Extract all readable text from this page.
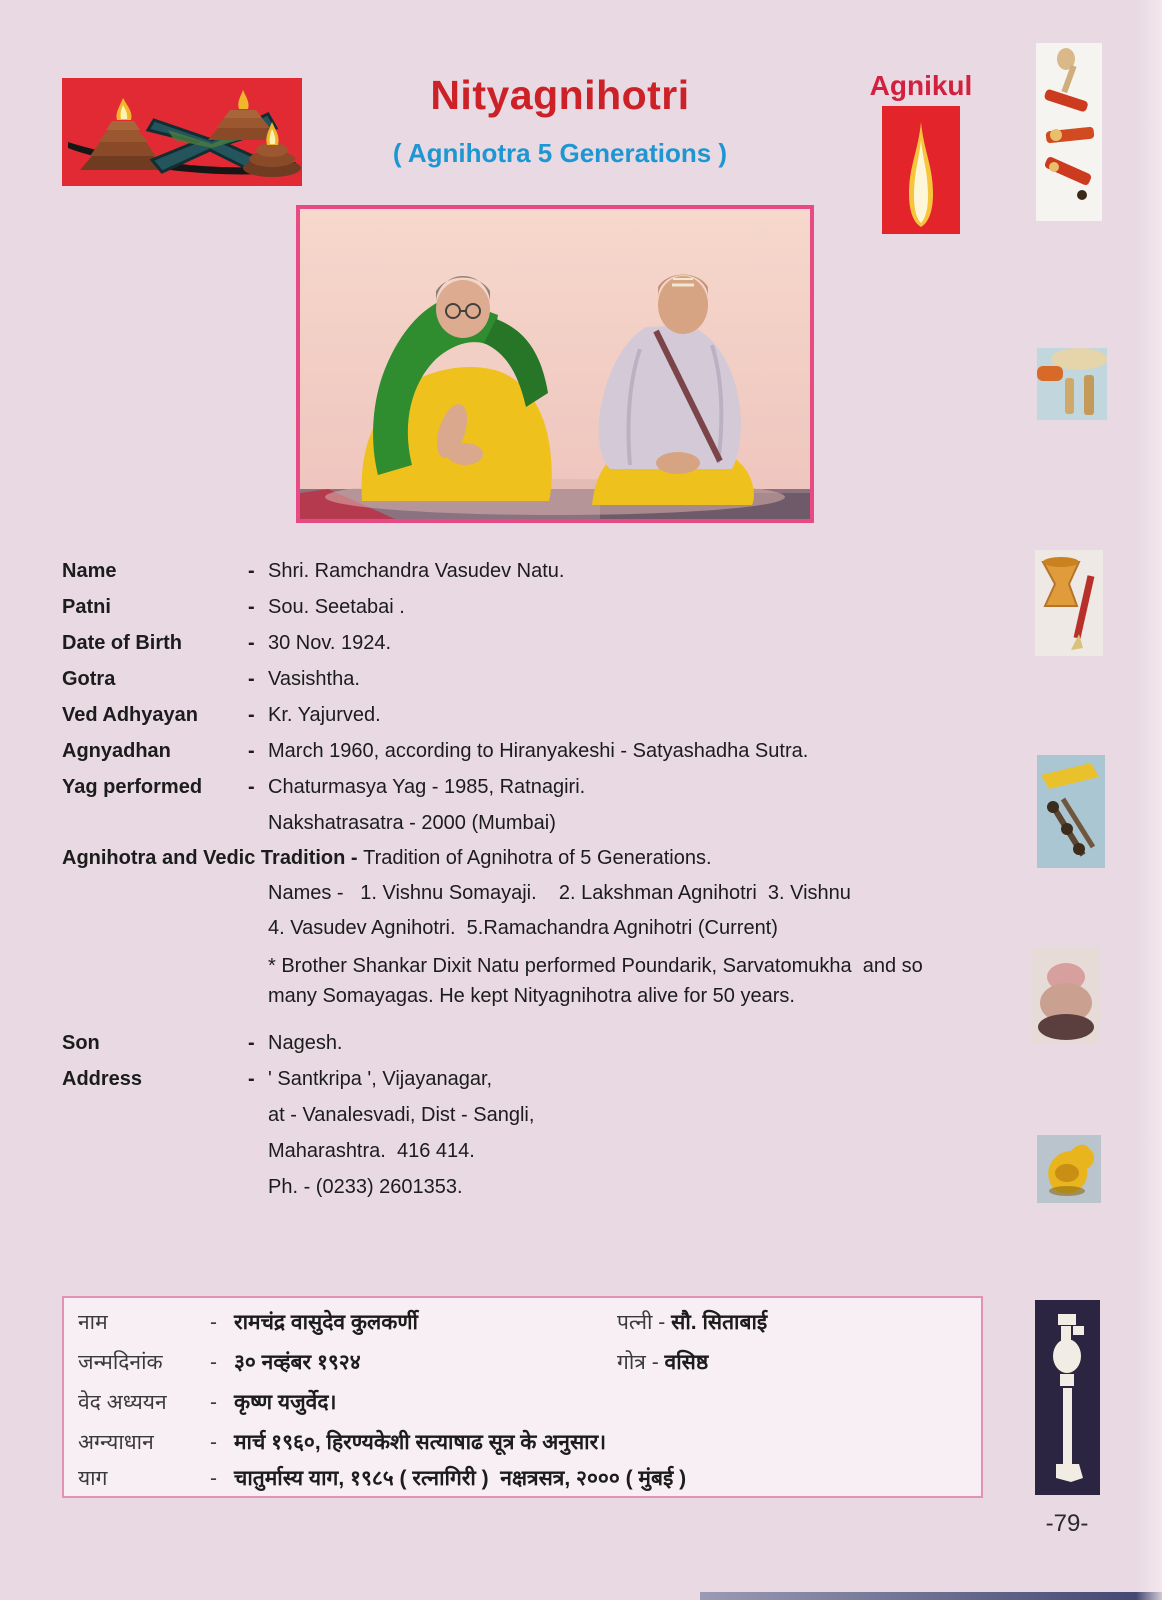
Nityagnihotri
( Agnihotra 5 Generations )
Agnikul
Name	- Shri. Ramchandra Vasudev Natu.
Patni	- Sou. Seetabai .
Date of Birth	- 30 Nov. 1924.
Gotra	- Vasishtha.
Ved Adhyayan	- Kr. Yajurved.
Agnyadhan	- March 1960, according to Hiranyakeshi - Satyashadha Sutra.
Yag performed	- Chaturmasya Yag - 1985, Ratnagiri.
Nakshatrasatra - 2000 (Mumbai)
Agnihotra and Vedic Tradition - Tradition of Agnihotra of 5 Generations.
Names -   1. Vishnu Somayaji.    2. Lakshman Agnihotri  3. Vishnu
4. Vasudev Agnihotri.  5.Ramachandra Agnihotri (Current)
* Brother Shankar Dixit Natu performed Poundarik, Sarvatomukha  and so
many Somayagas. He kept Nityagnihotra alive for 50 years.
Son	- Nagesh.
Address	- ' Santkripa ', Vijayanagar,
at - Vanalesvadi, Dist - Sangli,
Maharashtra.  416 414.
Ph. - (0233) 2601353.
नाम	- रामचंद्र वासुदेव कुलकर्णी	पत्नी - सौ. सिताबाई
जन्मदिनांक	- ३० नव्हंबर १९२४	गोत्र - वसिष्ठ
वेद अध्ययन	- कृष्ण यजुर्वेद।
अग्न्याधान	- मार्च १९६०, हिरण्यकेशी सत्याषाढ सूत्र के अनुसार।
याग	- चातुर्मास्य याग, १९८५ ( रत्नागिरी )  नक्षत्रसत्र, २००० ( मुंबई )
-79-
